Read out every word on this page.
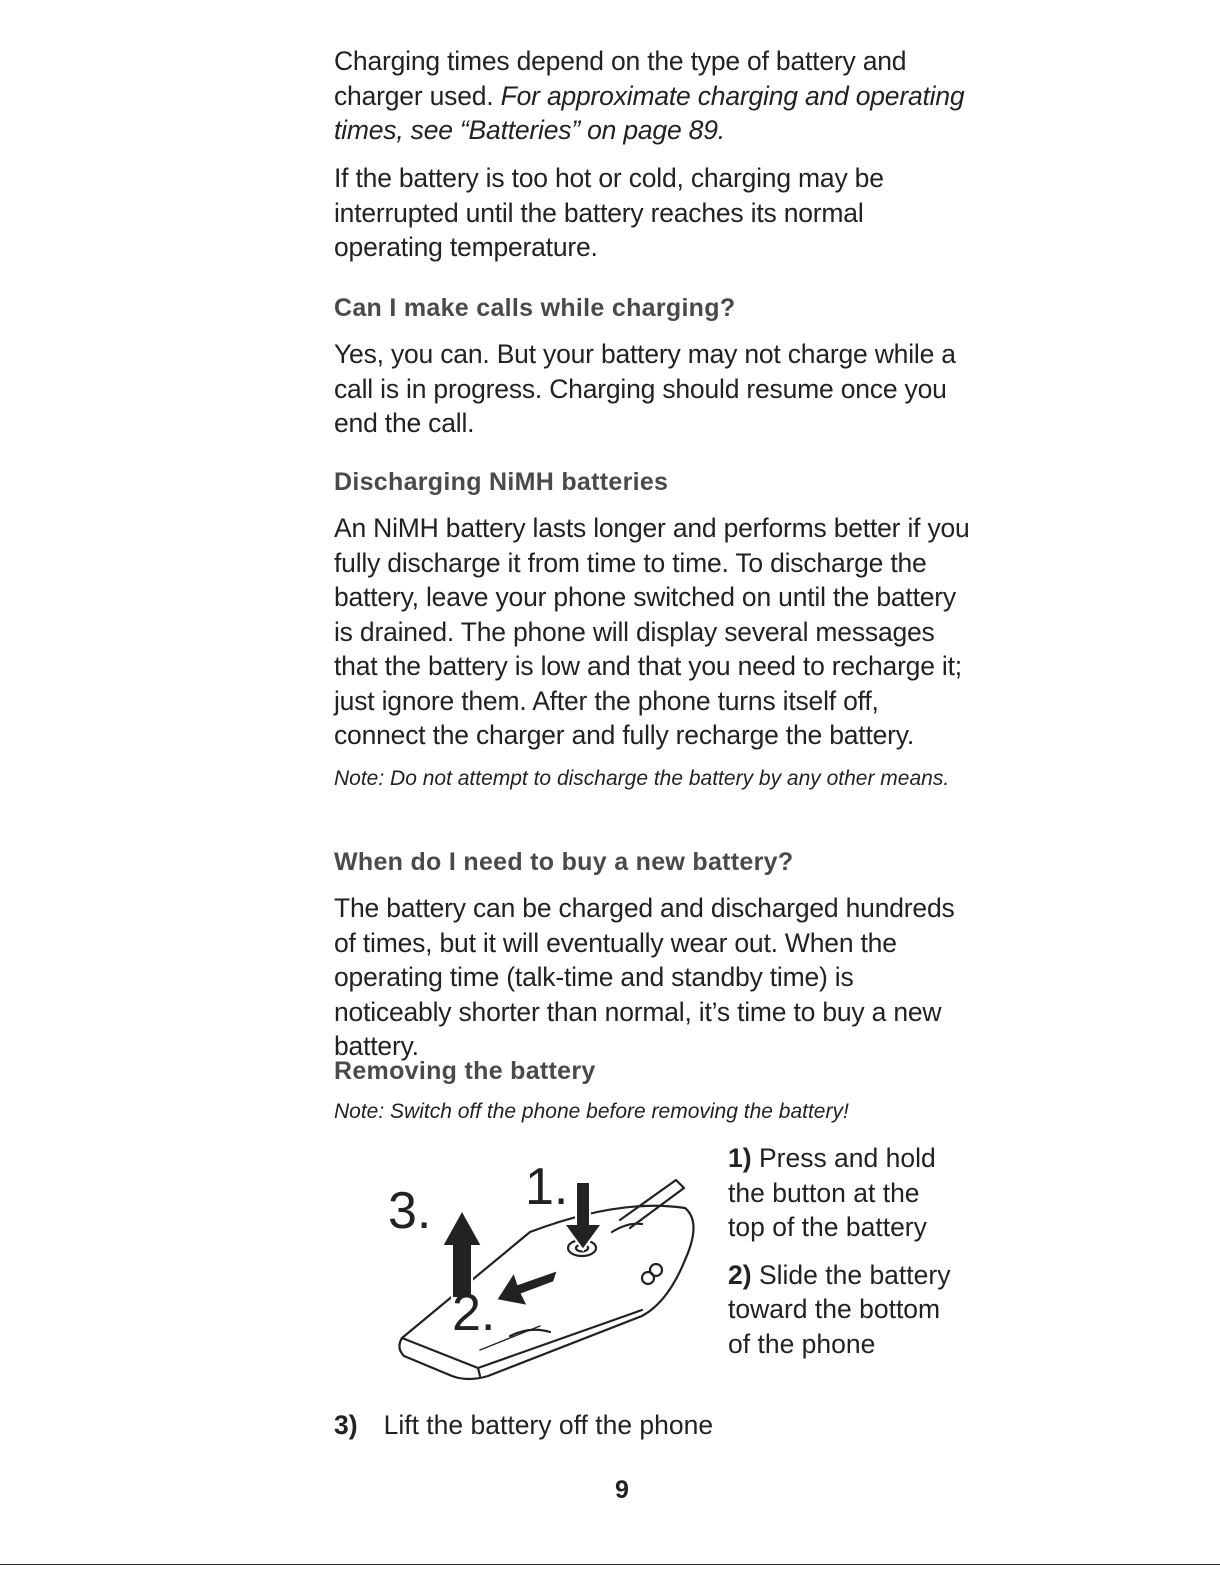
Charging times depend on the type of battery and charger used. For approximate charging and operating times, see “Batteries” on page 89.

If the battery is too hot or cold, charging may be interrupted until the battery reaches its normal operating temperature.

Can I make calls while charging?

Yes, you can. But your battery may not charge while a call is in progress. Charging should resume once you end the call.

Discharging NiMH batteries

An NiMH battery lasts longer and performs better if you fully discharge it from time to time. To discharge the battery, leave your phone switched on until the battery is drained. The phone will display several messages that the battery is low and that you need to recharge it; just ignore them. After the phone turns itself off, connect the charger and fully recharge the battery.

Note: Do not attempt to discharge the battery by any other means.

When do I need to buy a new battery?

The battery can be charged and discharged hundreds of times, but it will eventually wear out. When the operating time (talk-time and standby time) is noticeably shorter than normal, it’s time to buy a new battery.

Removing the battery

Note: Switch off the phone before removing the battery!

3. 1.
2.

1) Press and hold the button at the top of the battery

2) Slide the battery toward the bottom of the phone

3) Lift the battery off the phone

9
